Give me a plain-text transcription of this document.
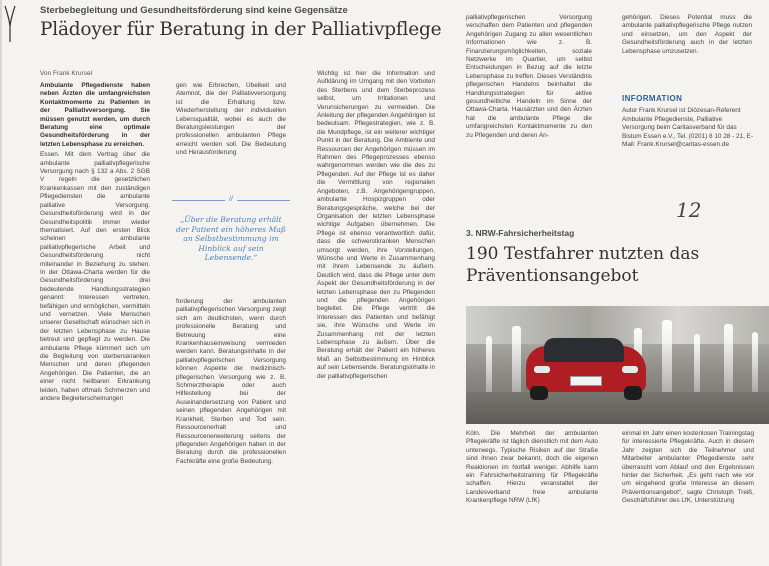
Sterbebegleitung und Gesundheitsförderung sind keine Gegensätze
Plädoyer für Beratung in der Palliativpflege
Von Frank Krursel

Ambulante Pflegedienste haben neben Ärzten die umfangreichsten Kontaktmomente zu Patienten in der Palliativversorgung. Sie müssen genutzt werden, um durch Beratung eine optimale Gesundheitsförderung in der letzten Lebensphase zu erreichen.

Essen. Mit dem Vertrag über die ambulante palliativpflegerische Versorgung nach § 132 a Abs. 2 SGB V regeln die gesetzlichen Krankenkassen mit den zuständigen Pflegediensten die ambulante palliative Versorgung. Gesundheitsförderung wird in der Gesundheitspolitik immer wieder thematisiert. Auf den ersten Blick scheinen ambulante palliativpflegerische Arbeit und Gesundheitsförderung nicht miteinander in Beziehung zu stehen. In der Ottawa-Charta werden für die Gesundheitsförderung drei bedeutende Handlungsstrategien genannt: Interessen vertreten, befähigen und ermöglichen, vermitteln und vernetzen. Viele Menschen unserer Gesellschaft wünschen sich in der letzten Lebensphase zu Hause betreut und gepflegt zu werden. Die ambulante Pflege kümmert sich um die Begleitung von sterbenskranken Menschen und deren pflegenden Angehörigen. Die Patienten, die an einer nicht heilbaren Erkrankung leiden, haben oftmals Schmerzen und andere Begleiterscheinungen

gen wie Erbrechen, Übelkeit und Atemnot, die der Palliativversorgung ist die Erhaltung bzw. Wiederherstellung der individuellen Lebensqualität, wobei es auch die Beratungsleistungen der professionellen ambulanten Pflege erreicht werden soll. Die Bedeutung und Herausforderung

//
„Über die Beratung erhält der Patient ein höheres Maß an Selbstbestimmung im Hinblick auf sein Lebensende.“

forderung der ambulanten palliativpflegerischen Versorgung zeigt sich am deutlichsten, wenn durch professionelle Beratung und Betreuung eine Krankenhauseinweisung vermieden werden kann. Beratungsinhalte in der palliativpflegerischen Versorgung können Aspekte der medizinisch-pflegerischen Versorgung wie z. B. Schmerztherapie oder auch Hilfestellung bei der Auseinandersetzung von Patient und seinen pflegenden Angehörigen mit Krankheit, Sterben und Tod sein. Ressourcenerhalt und Ressourcenerweiterung seitens der pflegenden Angehörigen haben in der Beratung durch die professionellen Fachkräfte eine große Bedeutung.

Wichtig ist hier die Information und Aufklärung im Umgang mit den Vorboten des Sterbens und dem Sterbeprozess selbst, um Irritationen und Verunsicherungen zu vermeiden. Die Anleitung der pflegenden Angehörigen ist bedeutsam. Pflegestrategien, wie z. B. die Mundpflege, ist ein weiterer wichtiger Punkt in der Beratung. Die Ambiente und Ressourcen der Angehörigen müssen im Rahmen des Pflegeprozesses ebenso wahrgenommen werden wie die des zu Pflegenden. Auf der Pflege ist es daher die Vermittlung von regionalen Angeboten, z.B. Angehörigengruppen, ambulante Hospizgruppen oder Beratungsgespräche, welche bei der Organisation der letzten Lebensphase wichtige Aufgaben übernehmen. Die Pflege ist ebenso verantwortlich dafür, dass die schwerstkranken Menschen umsorgt werden, ihre Vorstellungen, Wünsche und Werte in Zusammenhang mit ihrem Lebensende zu äußern. Deutlich wird, dass die Pflege unter dem Aspekt der Gesundheitsförderung in der letzten Lebensphase den zu Pflegenden und die pflegenden Angehörigen begleitet. Die Pflege vertritt die Interessen des Patienten und befähigt sie, ihre Wünsche und Werte im Zusammenhang mit der letzten Lebensphase zu äußern. Über die Beratung erhält der Patient ein höheres Maß an Selbstbestimmung im Hinblick auf sein Lebensende. Beratungsinhalte in der palliativpflegerischen

palliativpflegerischen Versorgung verschaffen dem Patienten und pflegenden Angehörigen Zugang zu allen wesentlichen Informationen wie z. B. Finanzierungsmöglichkeiten, soziale Netzwerke im Quartier, um selbst Entscheidungen in Bezug auf die letzte Lebensphase zu treffen. Dieses Verständnis pflegerischen Handelns beinhaltet die Handlungsstrategien für aktive gesundheitliche Handeln im Sinne der Ottawa-Charta. Hausärzten und den Ärzten hat die ambulante Pflege die umfangreichsten Kontaktmomente zu den zu Pflegenden und deren An-

gehörigen. Dieses Potential muss die ambulante palliativpflegerische Pflege nutzen und einsetzen, um den Aspekt der Gesundheitsförderung auch in der letzten Lebensphase umzusetzen.

INFORMATION
Autor Frank Krursel ist Diözesan-Referent Ambulante Pflegedienste, Palliative Versorgung beim Caritasverband für das Bistum Essen e.V., Tel. (0201) 8 10 28 - 21, E-Mail: Frank.Krursel@caritas-essen.de
12
3. NRW-Fahrsicherheitstag
190 Testfahrer nutzten das Präventionsangebot

Köln. Die Mehrheit der ambulanten Pflegekräfte ist täglich dienstlich mit dem Auto unterwegs. Typische Risiken auf der Straße sind ihnen zwar bekannt, doch die eigenen Reaktionen im Notfall weniger. Abhilfe kann ein Fahrsicherheitstraining für Pflegekräfte schaffen. Hierzu veranstaltet der Landesverband freie ambulante Krankenpflege NRW (LfK)

einmal im Jahr einen kostenlosen Trainingstag für interessierte Pflegekräfte. Auch in diesem Jahr zeigten sich die Teilnehmer und Mitarbeiter ambulanter Pflegedienste sehr überrascht vom Ablauf und den Ergebnissen hinter der Sicherheit. „Es geht nach wie vor um eingehend große Interesse an diesem Präventionsangebot“, sagte Christoph Treiß, Geschäftsführer des LfK, Unterstützung
